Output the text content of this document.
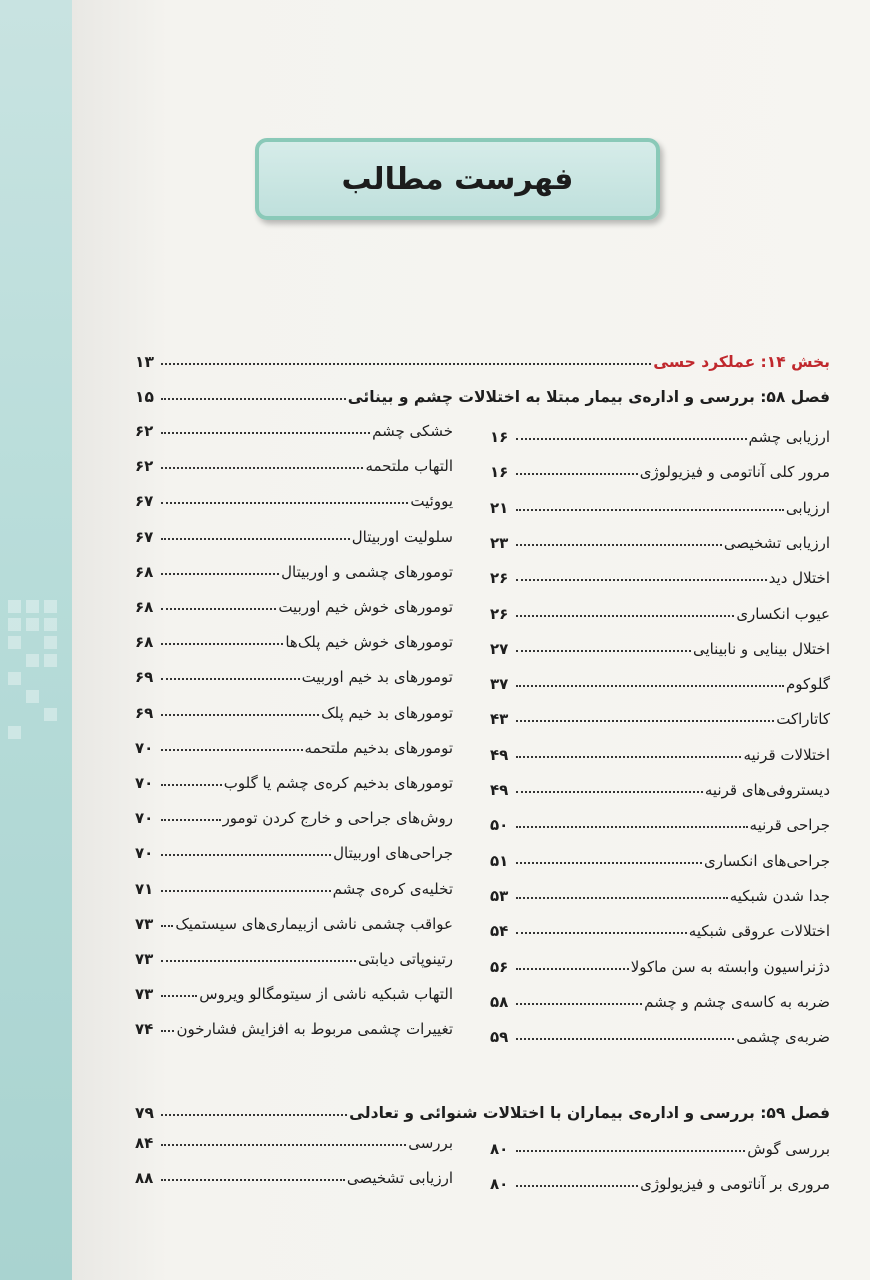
فهرست مطالب
بخش ۱۴: عملکرد حسی
۱۳
فصل ۵۸: بررسی و اداره‌ی بیمار مبتلا به اختلالات چشم و بینائی
۱۵
ارزیابی چشم
۱۶
مرور کلی آناتومی و فیزیولوژی
۱۶
ارزیابی
۲۱
ارزیابی تشخیصی
۲۳
اختلال دید
۲۶
عیوب انکساری
۲۶
اختلال بینایی و نابینایی
۲۷
گلوکوم
۳۷
کاتاراکت
۴۳
اختلالات قرنیه
۴۹
دیستروفی‌های قرنیه
۴۹
جراحی قرنیه
۵۰
جراحی‌های انکساری
۵۱
جدا شدن شبکیه
۵۳
اختلالات عروقی شبکیه
۵۴
دژنراسیون وابسته به سن ماکولا
۵۶
ضربه به کاسه‌ی چشم و چشم
۵۸
ضربه‌ی چشمی
۵۹
خشکی چشم
۶۲
التهاب ملتحمه
۶۲
یووئیت
۶۷
سلولیت اوربیتال
۶۷
تومورهای چشمی و اوربیتال
۶۸
تومورهای خوش خیم اوربیت
۶۸
تومورهای خوش خیم پلک‌ها
۶۸
تومورهای بد خیم اوربیت
۶۹
تومورهای بد خیم پلک
۶۹
تومورهای بدخیم ملتحمه
۷۰
تومورهای بدخیم کره‌ی چشم یا گلوب
۷۰
روش‌های جراحی و خارج کردن تومور
۷۰
جراحی‌های اوربیتال
۷۰
تخلیه‌ی کره‌ی چشم
۷۱
عواقب چشمی ناشی ازبیماری‌های سیستمیک
۷۳
رتینوپاتی دیابتی
۷۳
التهاب شبکیه ناشی از سیتومگالو ویروس
۷۳
تغییرات چشمی مربوط به افزایش فشارخون
۷۴
فصل ۵۹: بررسی و اداره‌ی بیماران با اختلالات شنوائی و تعادلی
۷۹
بررسی گوش
۸۰
مروری بر آناتومی و فیزیولوژی
۸۰
بررسی
۸۴
ارزیابی تشخیصی
۸۸
